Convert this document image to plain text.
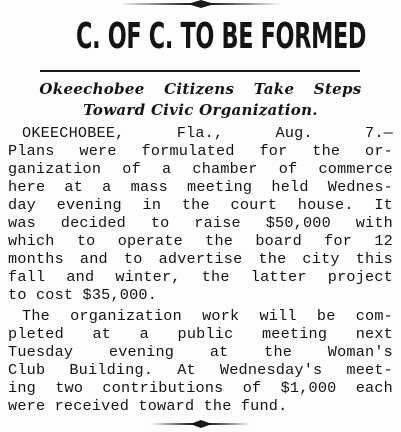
C. OF C. TO BE FORMED
Okeechobee Citizens Take Steps
Toward Civic Organization.
OKEECHOBEE, Fla., Aug. 7.—
Plans were formulated for the or-
ganization of a chamber of commerce
here at a mass meeting held Wednes-
day evening in the court house. It
was decided to raise $50,000 with
which to operate the board for 12
months and to advertise the city this
fall and winter, the latter project
to cost $35,000.
The organization work will be com-
pleted at a public meeting next
Tuesday evening at the Woman's
Club Building. At Wednesday's meet-
ing two contributions of $1,000 each
were received toward the fund.
